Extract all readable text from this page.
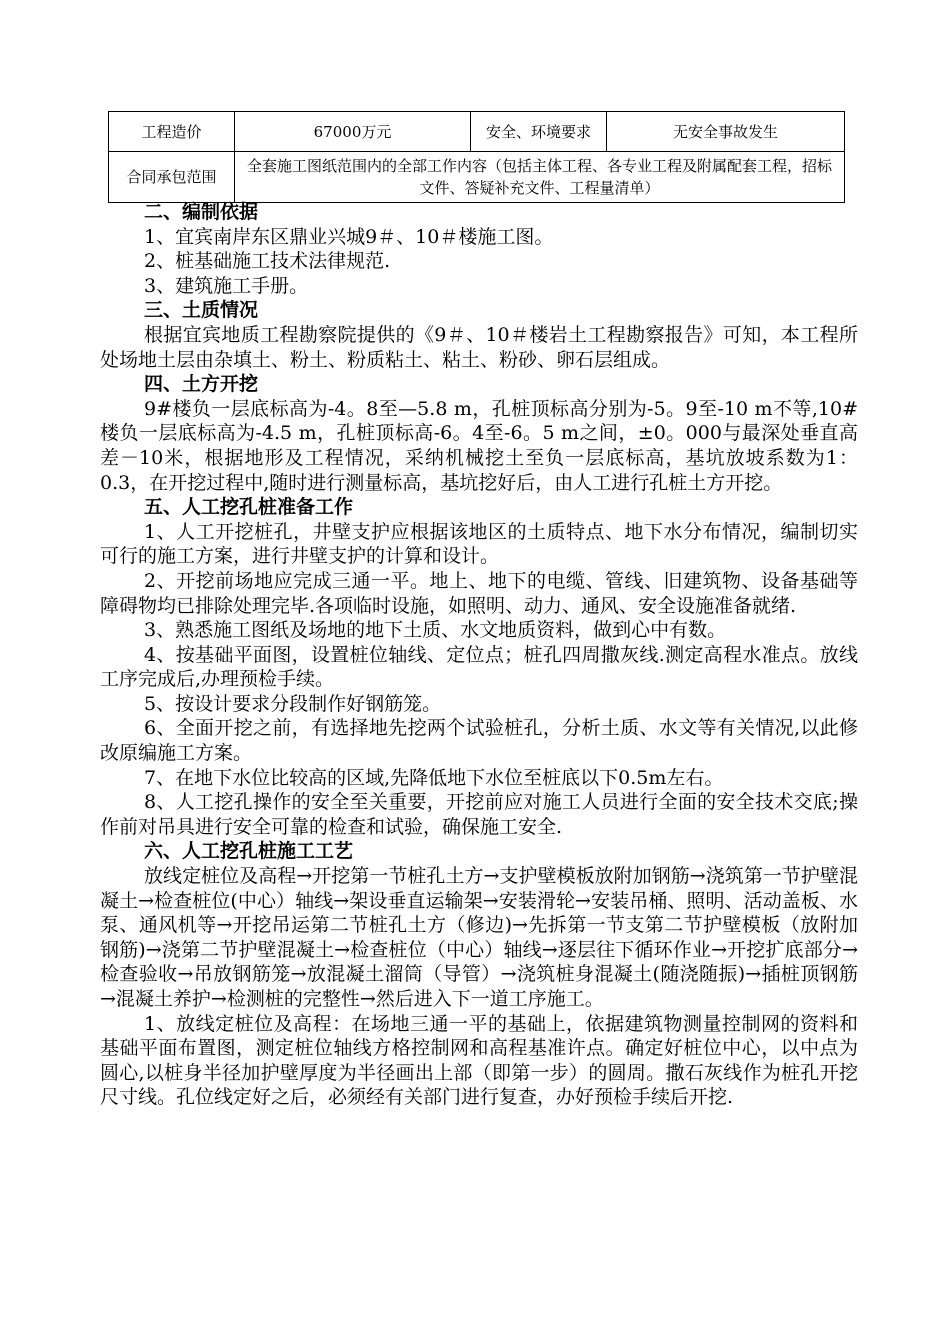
工程造价	67000万元	安全、环境要求	无安全事故发生
合同承包范围	全套施工图纸范围内的全部工作内容（包括主体工程、各专业工程及附属配套工程，招标文件、答疑补充文件、工程量清单）		

二、编制依据

1、宜宾南岸东区鼎业兴城9＃、10＃楼施工图。

2、桩基础施工技术法律规范.

3、建筑施工手册。

三、土质情况

根据宜宾地质工程勘察院提供的《9＃、10＃楼岩土工程勘察报告》可知，本工程所处场地土层由杂填土、粉土、粉质粘土、粘土、粉砂、卵石层组成。

四、土方开挖

9#楼负一层底标高为-4。8至—5.8 m，孔桩顶标高分别为-5。9至-10 m不等,10#楼负一层底标高为-4.5 m，孔桩顶标高-6。4至-6。5 m之间，±0。000与最深处垂直高差－10米，根据地形及工程情况，采纳机械挖土至负一层底标高，基坑放坡系数为1：0.3，在开挖过程中,随时进行测量标高，基坑挖好后，由人工进行孔桩土方开挖。

五、人工挖孔桩准备工作

1、人工开挖桩孔，井壁支护应根据该地区的土质特点、地下水分布情况，编制切实可行的施工方案，进行井壁支护的计算和设计。

2、开挖前场地应完成三通一平。地上、地下的电缆、管线、旧建筑物、设备基础等障碍物均已排除处理完毕.各项临时设施，如照明、动力、通风、安全设施准备就绪.

3、熟悉施工图纸及场地的地下土质、水文地质资料，做到心中有数。

4、按基础平面图，设置桩位轴线、定位点；桩孔四周撒灰线.测定高程水准点。放线工序完成后,办理预检手续。

5、按设计要求分段制作好钢筋笼。

6、全面开挖之前，有选择地先挖两个试验桩孔，分析土质、水文等有关情况,以此修改原编施工方案。

7、在地下水位比较高的区域,先降低地下水位至桩底以下0.5m左右。

8、人工挖孔操作的安全至关重要，开挖前应对施工人员进行全面的安全技术交底;操作前对吊具进行安全可靠的检查和试验，确保施工安全.

六、人工挖孔桩施工工艺

放线定桩位及高程→开挖第一节桩孔土方→支护壁模板放附加钢筋→浇筑第一节护壁混凝土→检查桩位(中心）轴线→架设垂直运输架→安装滑轮→安装吊桶、照明、活动盖板、水泵、通风机等→开挖吊运第二节桩孔土方（修边)→先拆第一节支第二节护壁模板（放附加钢筋)→浇第二节护壁混凝土→检查桩位（中心）轴线→逐层往下循环作业→开挖扩底部分→检查验收→吊放钢筋笼→放混凝土溜筒（导管）→浇筑桩身混凝土(随浇随振)→插桩顶钢筋→混凝土养护→检测桩的完整性→然后进入下一道工序施工。

1、放线定桩位及高程：在场地三通一平的基础上，依据建筑物测量控制网的资料和基础平面布置图，测定桩位轴线方格控制网和高程基准许点。确定好桩位中心，以中点为圆心,以桩身半径加护壁厚度为半径画出上部（即第一步）的圆周。撒石灰线作为桩孔开挖尺寸线。孔位线定好之后，必须经有关部门进行复查，办好预检手续后开挖.
